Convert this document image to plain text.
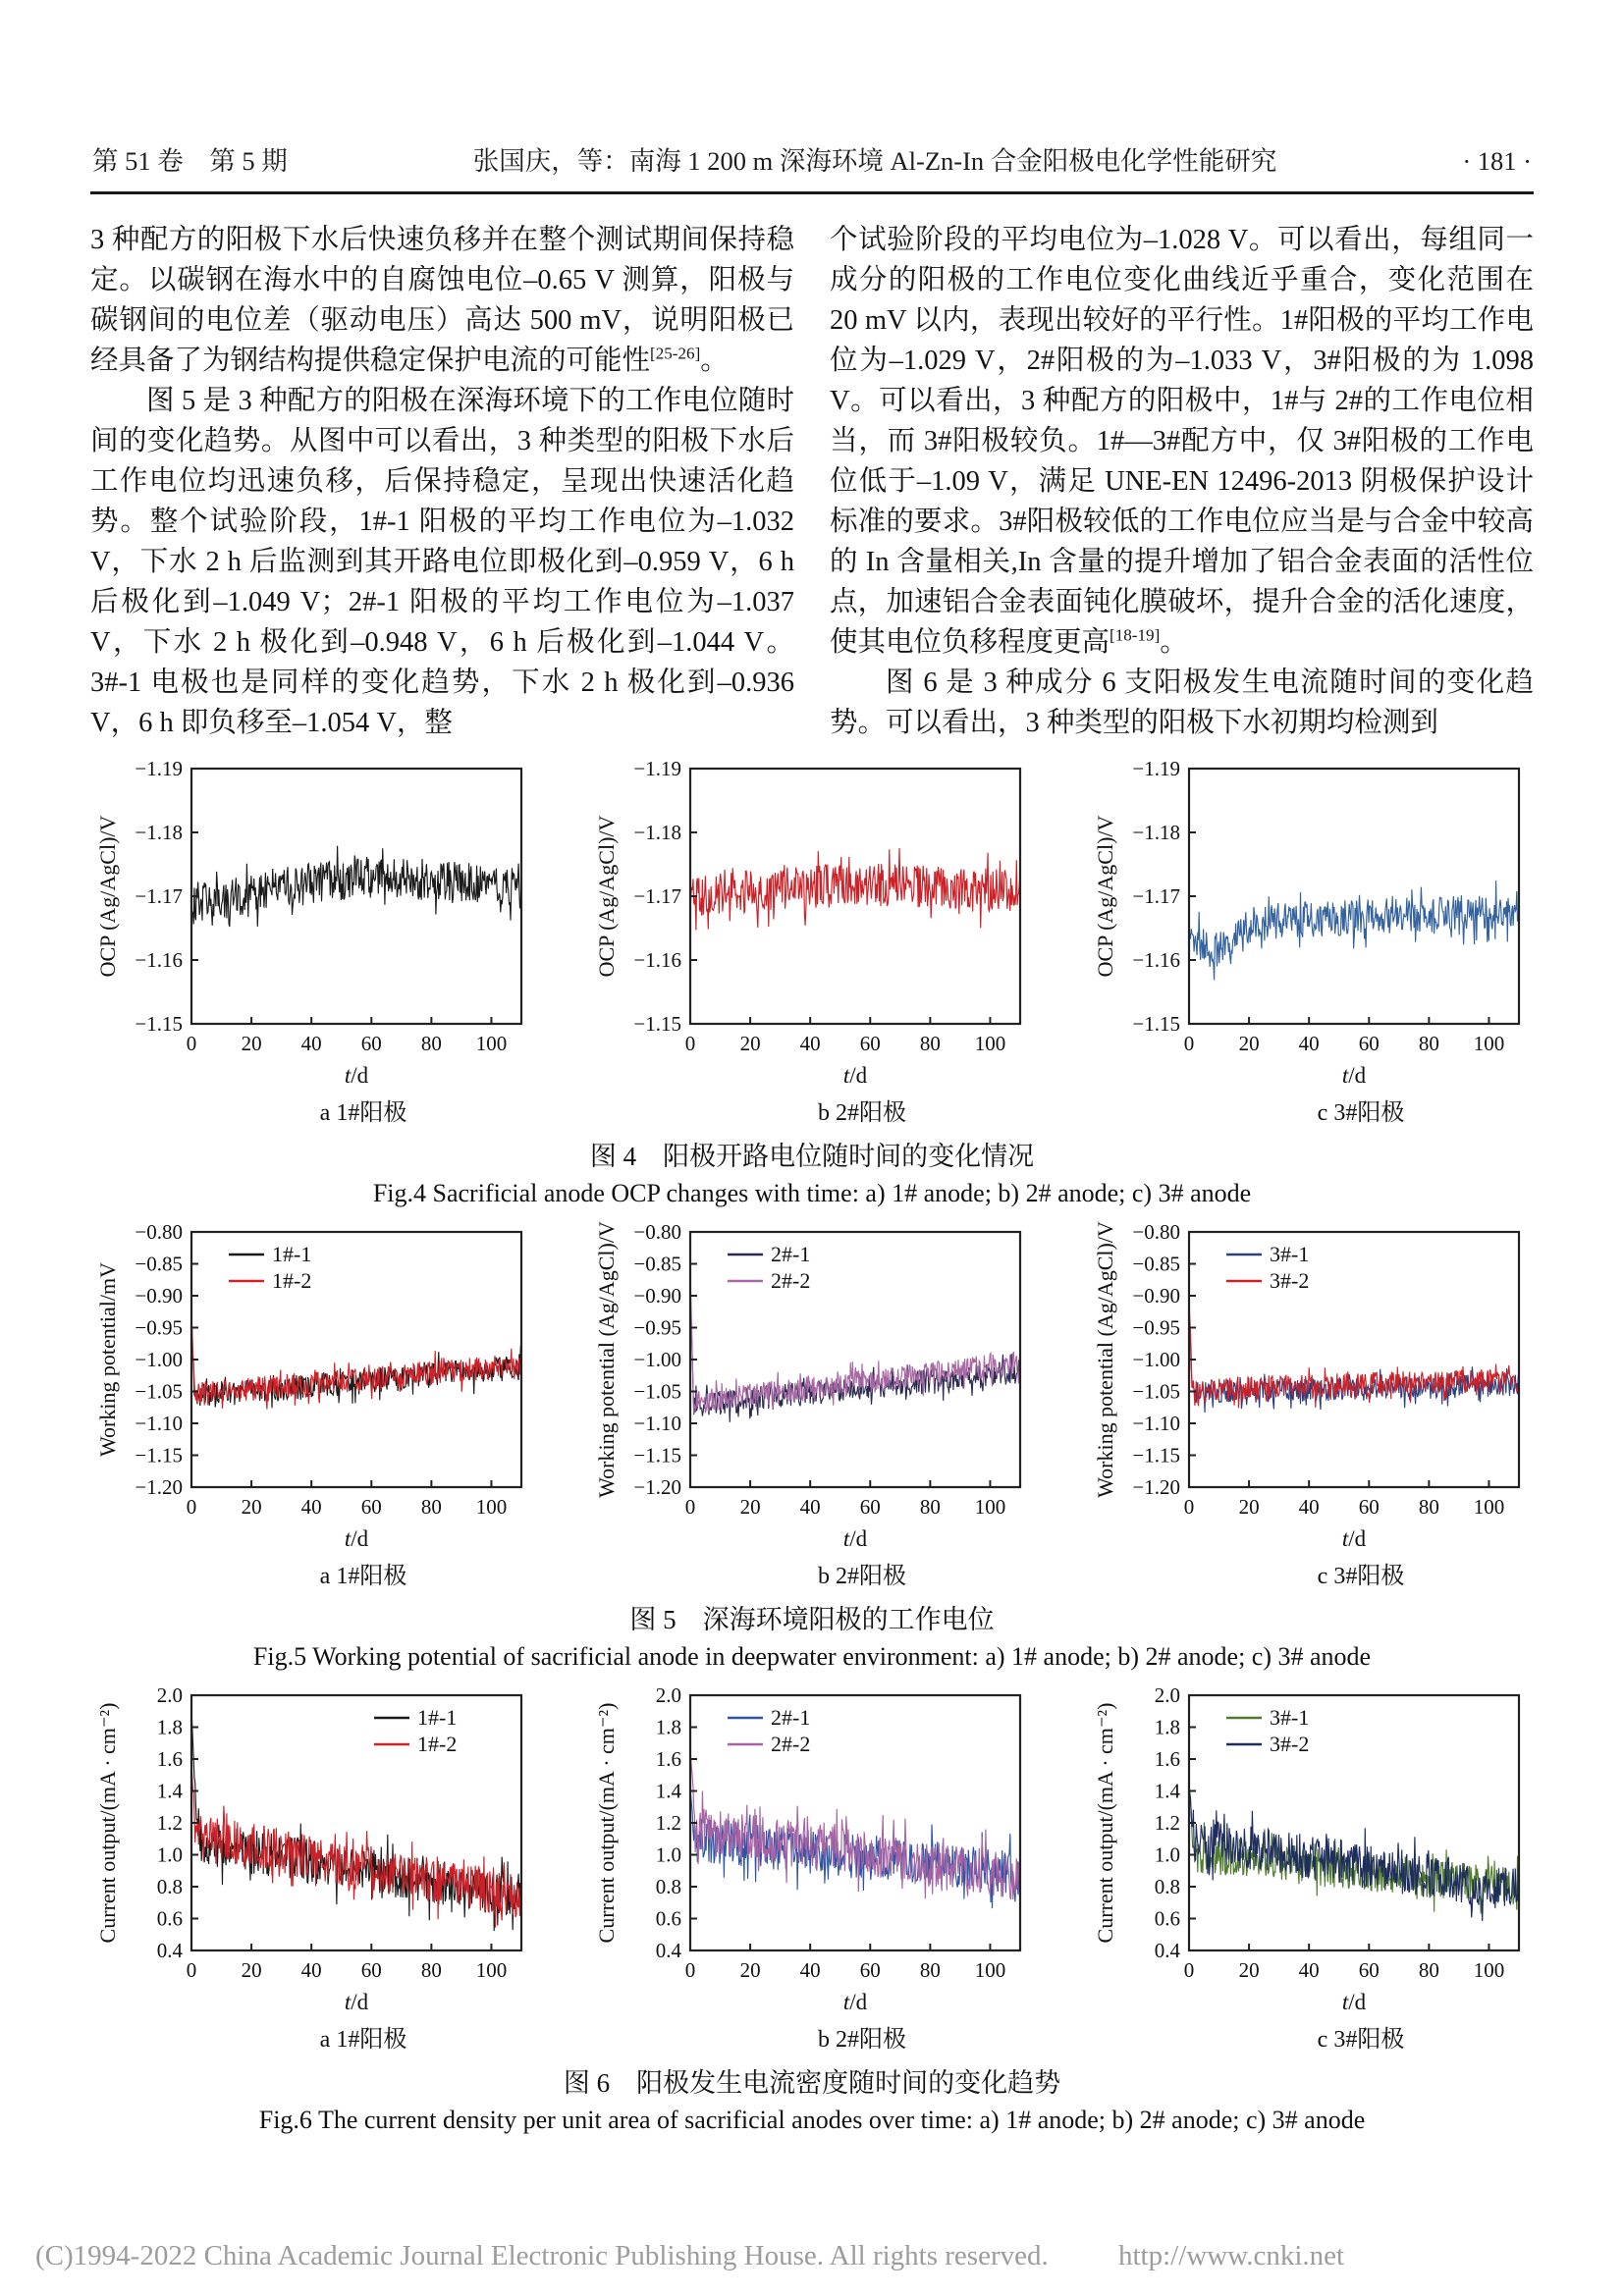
第 51 卷　第 5 期	张国庆，等：南海 1 200 m 深海环境 Al-Zn-In 合金阳极电化学性能研究	· 181 ·

3 种配方的阳极下水后快速负移并在整个测试期间保持稳定。以碳钢在海水中的自腐蚀电位–0.65 V 测算，阳极与碳钢间的电位差（驱动电压）高达 500 mV，说明阳极已经具备了为钢结构提供稳定保护电流的可能性[25-26]。

图 5 是 3 种配方的阳极在深海环境下的工作电位随时间的变化趋势。从图中可以看出，3 种类型的阳极下水后工作电位均迅速负移，后保持稳定，呈现出快速活化趋势。整个试验阶段，1#-1 阳极的平均工作电位为–1.032 V，下水 2 h 后监测到其开路电位即极化到–0.959 V，6 h 后极化到–1.049 V；2#-1 阳极的平均工作电位为–1.037 V，下水 2 h 极化到–0.948 V，6 h 后极化到–1.044 V。3#-1 电极也是同样的变化趋势，下水 2 h 极化到–0.936 V，6 h 即负移至–1.054 V，整

个试验阶段的平均电位为–1.028 V。可以看出，每组同一成分的阳极的工作电位变化曲线近乎重合，变化范围在 20 mV 以内，表现出较好的平行性。1#阳极的平均工作电位为–1.029 V，2#阳极的为–1.033 V，3#阳极的为 1.098 V。可以看出，3 种配方的阳极中，1#与 2#的工作电位相当，而 3#阳极较负。1#—3#配方中，仅 3#阳极的工作电位低于–1.09 V，满足 UNE-EN 12496-2013 阴极保护设计标准的要求。3#阳极较低的工作电位应当是与合金中较高的 In 含量相关,In 含量的提升增加了铝合金表面的活性位点，加速铝合金表面钝化膜破坏，提升合金的活化速度，使其电位负移程度更高[18-19]。

图 6 是 3 种成分 6 支阳极发生电流随时间的变化趋势。可以看出，3 种类型的阳极下水初期均检测到

−1.19
−1.18
−1.17
−1.16
−1.15
0 20 40 60 80 100
t/d
OCP (Ag/AgCl)/V
a 1#阳极
−1.19
−1.18
−1.17
−1.16
−1.15
0 20 40 60 80 100
t/d
OCP (Ag/AgCl)/V
b 2#阳极
−1.19
−1.18
−1.17
−1.16
−1.15
0 20 40 60 80 100
t/d
OCP (Ag/AgCl)/V
c 3#阳极
图 4　阳极开路电位随时间的变化情况
Fig.4 Sacrificial anode OCP changes with time: a) 1# anode; b) 2# anode; c) 3# anode
−0.80
−0.85
−0.90
−0.95
−1.00
−1.05
−1.10
−1.15
−1.20
0 20 40 60 80 100
t/d
Working potential/mV
1#-1
1#-2
a 1#阳极
−0.80
−0.85
−0.90
−0.95
−1.00
−1.05
−1.10
−1.15
−1.20
0 20 40 60 80 100
t/d
Working potential (Ag/AgCl)/V	2#-1
2#-2
b 2#阳极
−0.80
−0.85
−0.90
−0.95
−1.00
−1.05
−1.10
−1.15
−1.20
0 20 40 60 80 100
t/d
Working potential (Ag/AgCl)/V	3#-1
3#-2
c 3#阳极
图 5　深海环境阳极的工作电位
Fig.5 Working potential of sacrificial anode in deepwater environment: a) 1# anode; b) 2# anode; c) 3# anode
2.0
1.8
1.6
1.4
1.2
1.0
0.8
0.6
0.4
0 20 40 60 80 100
t/d
Current output/(mA · cm⁻²)	1#-1
1#-2
a 1#阳极
2.0
1.8
1.6
1.4
1.2
1.0
0.8
0.6
0.4
0 20 40 60 80 100
t/d
Current output/(mA · cm⁻²)	2#-1
2#-2
b 2#阳极
2.0
1.8
1.6
1.4
1.2
1.0
0.8
0.6
0.4
0 20 40 60 80 100
t/d
Current output/(mA · cm⁻²)	3#-1
3#-2
c 3#阳极
图 6　阳极发生电流密度随时间的变化趋势
Fig.6 The current density per unit area of sacrificial anodes over time: a) 1# anode; b) 2# anode; c) 3# anode
(C)1994-2022 China Academic Journal Electronic Publishing House. All rights reserved. http://www.cnki.net
